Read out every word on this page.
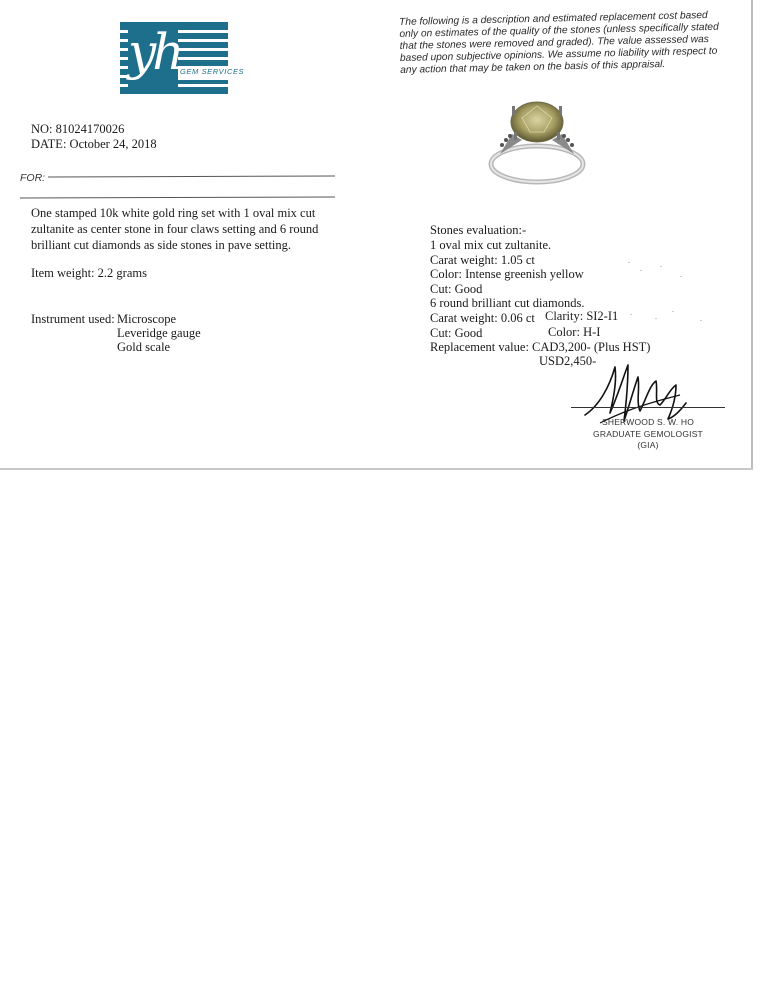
yh GEM SERVICES
The following is a description and estimated replacement cost based only on estimates of the quality of the stones (unless specifically stated that the stones were removed and graded). The value assessed was based upon subjective opinions. We assume no liability with respect to any action that may be taken on the basis of this appraisal.
NO: 81024170026
DATE: October 24, 2018
FOR:
One stamped 10k white gold ring set with 1 oval mix cut zultanite as center stone in four claws setting and 6 round brilliant cut diamonds as side stones in pave setting.
Item weight: 2.2 grams
Instrument used: Microscope
Leveridge gauge
Gold scale
Stones evaluation:-
1 oval mix cut zultanite.
Carat weight: 1.05 ct
Color: Intense greenish yellow
Cut: Good
6 round brilliant cut diamonds.
Carat weight: 0.06 ct Clarity: SI2-I1
Cut: Good	Color: H-I
Replacement value: CAD3,200- (Plus HST)
USD2,450-
SHERWOOD S. W. HO
GRADUATE GEMOLOGIST
(GIA)
